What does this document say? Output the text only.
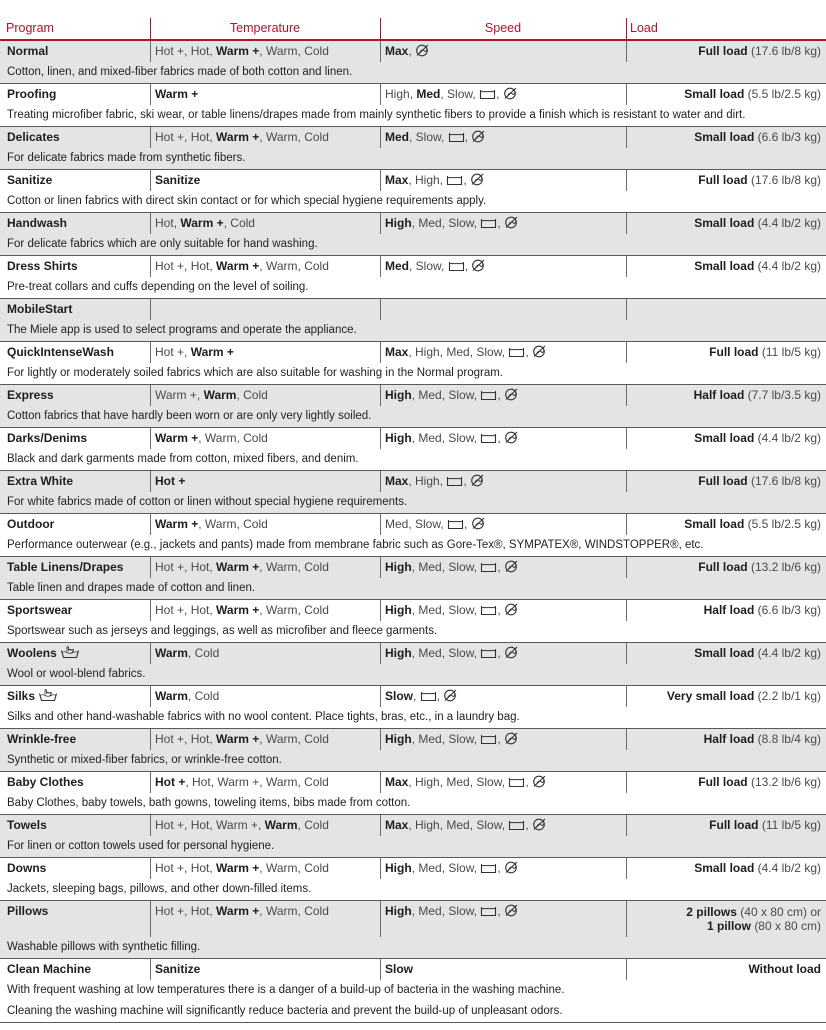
Program	Temperature	Speed	Load
Normal	Hot +, Hot, Warm +, Warm, Cold	Max,	Full load (17.6 lb/8 kg)
Cotton, linen, and mixed-fiber fabrics made of both cotton and linen.
Proofing	Warm +	High, Med, Slow, ,	Small load (5.5 lb/2.5 kg)
Treating microfiber fabric, ski wear, or table linens/drapes made from mainly synthetic fibers to provide a finish which is resistant to water and dirt.
Delicates	Hot +, Hot, Warm +, Warm, Cold	Med, Slow, ,	Small load (6.6 lb/3 kg)
For delicate fabrics made from synthetic fibers.
Sanitize	Sanitize	Max, High, ,	Full load (17.6 lb/8 kg)
Cotton or linen fabrics with direct skin contact or for which special hygiene requirements apply.
Handwash	Hot, Warm +, Cold	High, Med, Slow, ,	Small load (4.4 lb/2 kg)
For delicate fabrics which are only suitable for hand washing.
Dress Shirts	Hot +, Hot, Warm +, Warm, Cold	Med, Slow, ,	Small load (4.4 lb/2 kg)
Pre-treat collars and cuffs depending on the level of soiling.
MobileStart
The Miele app is used to select programs and operate the appliance.
QuickIntenseWash	Hot +, Warm +	Max, High, Med, Slow, ,	Full load (11 lb/5 kg)
For lightly or moderately soiled fabrics which are also suitable for washing in the Normal program.
Express	Warm +, Warm, Cold	High, Med, Slow, ,	Half load (7.7 lb/3.5 kg)
Cotton fabrics that have hardly been worn or are only very lightly soiled.
Darks/Denims	Warm +, Warm, Cold	High, Med, Slow, ,	Small load (4.4 lb/2 kg)
Black and dark garments made from cotton, mixed fibers, and denim.
Extra White	Hot +	Max, High, ,	Full load (17.6 lb/8 kg)
For white fabrics made of cotton or linen without special hygiene requirements.
Outdoor	Warm +, Warm, Cold	Med, Slow, ,	Small load (5.5 lb/2.5 kg)
Performance outerwear (e.g., jackets and pants) made from membrane fabric such as Gore-Tex®, SYMPATEX®, WINDSTOPPER®, etc.
Table Linens/Drapes	Hot +, Hot, Warm +, Warm, Cold	High, Med, Slow, ,	Full load (13.2 lb/6 kg)
Table linen and drapes made of cotton and linen.
Sportswear	Hot +, Hot, Warm +, Warm, Cold	High, Med, Slow, ,	Half load (6.6 lb/3 kg)
Sportswear such as jerseys and leggings, as well as microfiber and fleece garments.
Woolens	Warm, Cold	High, Med, Slow, ,	Small load (4.4 lb/2 kg)
Wool or wool-blend fabrics.
Silks	Warm, Cold	Slow, ,	Very small load (2.2 lb/1 kg)
Silks and other hand-washable fabrics with no wool content. Place tights, bras, etc., in a laundry bag.
Wrinkle-free	Hot +, Hot, Warm +, Warm, Cold	High, Med, Slow, ,	Half load (8.8 lb/4 kg)
Synthetic or mixed-fiber fabrics, or wrinkle-free cotton.
Baby Clothes	Hot +, Hot, Warm +, Warm, Cold	Max, High, Med, Slow, ,	Full load (13.2 lb/6 kg)
Baby Clothes, baby towels, bath gowns, toweling items, bibs made from cotton.
Towels	Hot +, Hot, Warm +, Warm, Cold	Max, High, Med, Slow, ,	Full load (11 lb/5 kg)
For linen or cotton towels used for personal hygiene.
Downs	Hot +, Hot, Warm +, Warm, Cold	High, Med, Slow, ,	Small load (4.4 lb/2 kg)
Jackets, sleeping bags, pillows, and other down-filled items.
Pillows	Hot +, Hot, Warm +, Warm, Cold	High, Med, Slow, ,	2 pillows (40 x 80 cm) or
1 pillow (80 x 80 cm)
Washable pillows with synthetic filling.
Clean Machine	Sanitize	Slow	Without load
With frequent washing at low temperatures there is a danger of a build-up of bacteria in the washing machine.
Cleaning the washing machine will significantly reduce bacteria and prevent the build-up of unpleasant odors.
